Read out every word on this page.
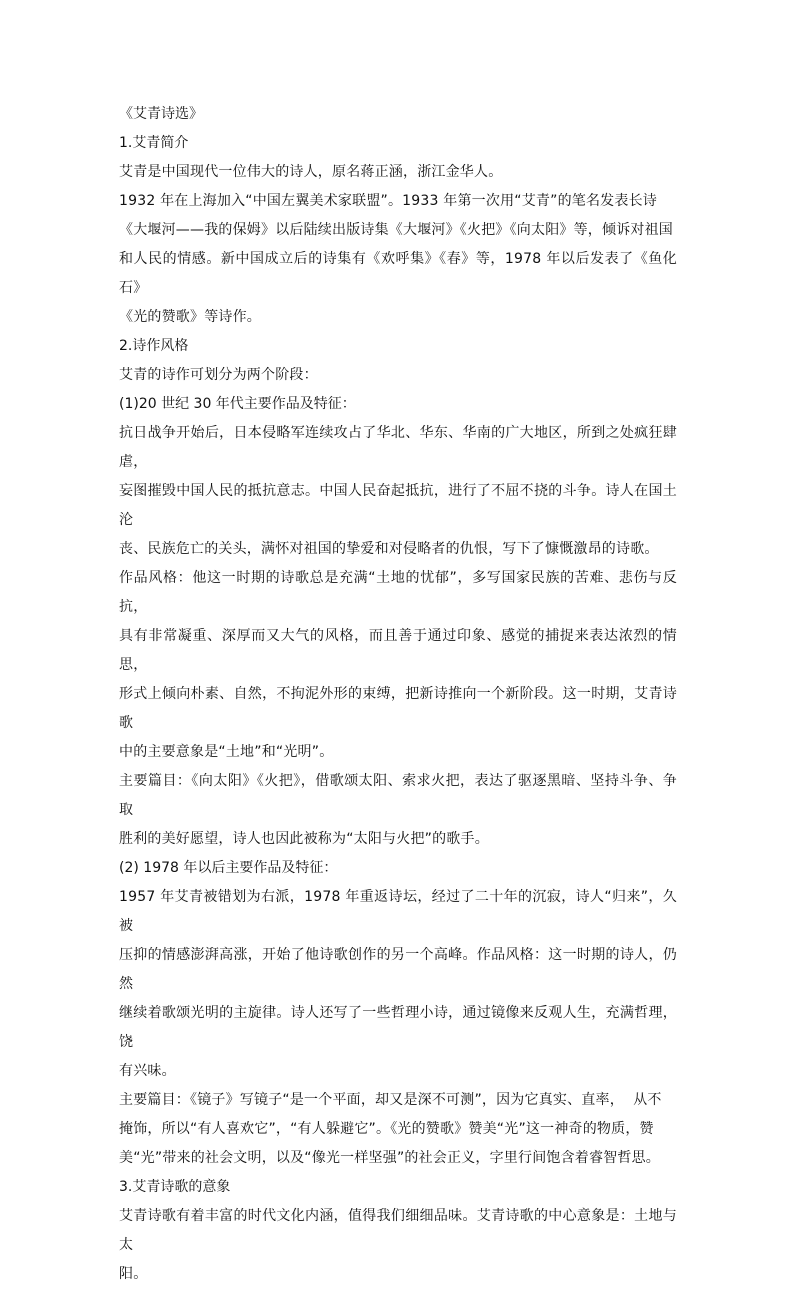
《艾青诗选》

1.艾青简介

艾青是中国现代一位伟大的诗人，原名蒋正涵，浙江金华人。

1932 年在上海加入“中国左翼美术家联盟”。1933 年第一次用“艾青”的笔名发表长诗

《大堰河——我的保姆》以后陆续出版诗集《大堰河》《火把》《向太阳》等，倾诉对祖国

和人民的情感。新中国成立后的诗集有《欢呼集》《春》等，1978 年以后发表了《鱼化石》

《光的赞歌》等诗作。

2.诗作风格

艾青的诗作可划分为两个阶段：

(1)20 世纪 30 年代主要作品及特征：

抗日战争开始后，日本侵略军连续攻占了华北、华东、华南的广大地区，所到之处疯狂肆虐，

妄图摧毁中国人民的抵抗意志。中国人民奋起抵抗，进行了不屈不挠的斗争。诗人在国土沦

丧、民族危亡的关头，满怀对祖国的挚爱和对侵略者的仇恨，写下了慷慨激昂的诗歌。

作品风格：他这一时期的诗歌总是充满“土地的忧郁”，多写国家民族的苦难、悲伤与反抗，

具有非常凝重、深厚而又大气的风格，而且善于通过印象、感觉的捕捉来表达浓烈的情思，

形式上倾向朴素、自然，不拘泥外形的束缚，把新诗推向一个新阶段。这一时期，艾青诗歌

中的主要意象是“土地”和“光明”。

主要篇目：《向太阳》《火把》，借歌颂太阳、索求火把，表达了驱逐黑暗、坚持斗争、争取

胜利的美好愿望，诗人也因此被称为“太阳与火把”的歌手。

(2) 1978 年以后主要作品及特征：

1957 年艾青被错划为右派，1978 年重返诗坛，经过了二十年的沉寂，诗人“归来”，久被

压抑的情感澎湃高涨，开始了他诗歌创作的另一个高峰。作品风格：这一时期的诗人，仍然

继续着歌颂光明的主旋律。诗人还写了一些哲理小诗，通过镜像来反观人生，充满哲理，饶

有兴味。

主要篇目：《镜子》写镜子“是一个平面，却又是深不可测”，因为它真实、直率，  从不

掩饰，所以“有人喜欢它”，“有人躲避它”。《光的赞歌》赞美“光”这一神奇的物质，赞

美“光”带来的社会文明，以及“像光一样坚强”的社会正义，字里行间饱含着睿智哲思。

3.艾青诗歌的意象

艾青诗歌有着丰富的时代文化内涵，值得我们细细品味。艾青诗歌的中心意象是：土地与太

阳。
